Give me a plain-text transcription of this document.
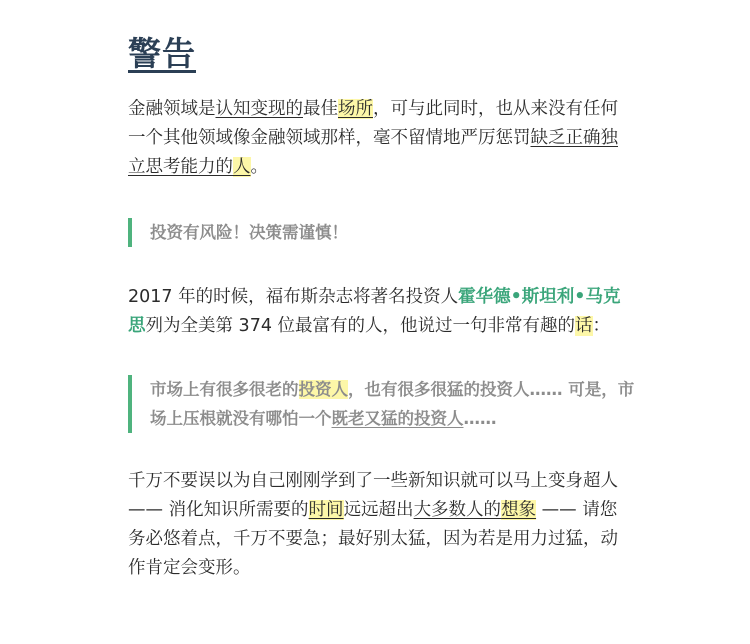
警告

金融领域是认知变现的最佳场所，可与此同时，也从来没有任何一个其他领域像金融领域那样，毫不留情地严厉惩罚缺乏正确独立思考能力的人。

投资有风险！决策需谨慎！

2017 年的时候，福布斯杂志将著名投资人霍华德•斯坦利•马克思列为全美第 374 位最富有的人，他说过一句非常有趣的话：

市场上有很多很老的投资人，也有很多很猛的投资人…… 可是，市场上压根就没有哪怕一个既老又猛的投资人……

千万不要误以为自己刚刚学到了一些新知识就可以马上变身超人 —— 消化知识所需要的时间远远超出大多数人的想象 —— 请您务必悠着点，千万不要急；最好别太猛，因为若是用力过猛，动作肯定会变形。
